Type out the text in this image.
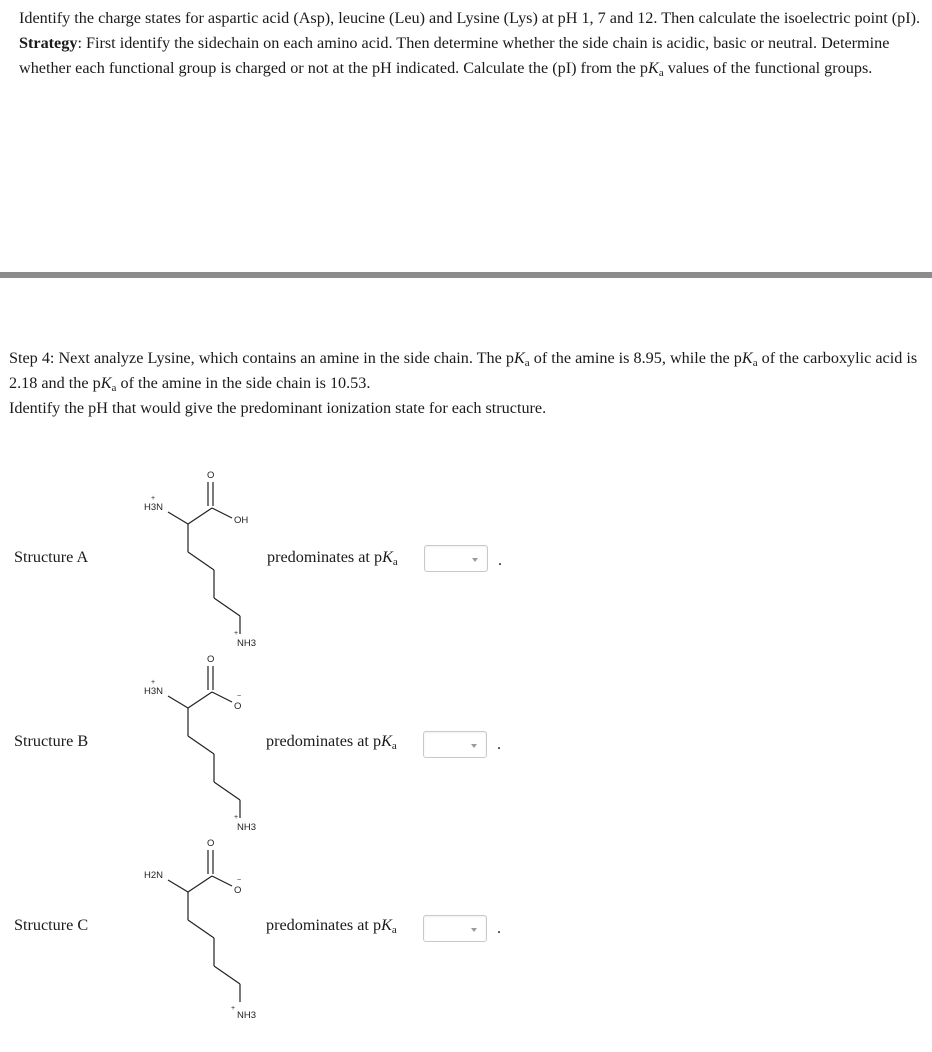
Identify the charge states for aspartic acid (Asp), leucine (Leu) and Lysine (Lys) at pH 1, 7 and 12. Then calculate the isoelectric point (pI).

Strategy: First identify the sidechain on each amino acid. Then determine whether the side chain is acidic, basic or neutral. Determine whether each functional group is charged or not at the pH indicated. Calculate the (pI) from the $pK_a$ values of the functional groups.

Step 4: Next analyze Lysine, which contains an amine in the side chain. The $pK_a$ of the amine is 8.95, while the $pK_a$ of the carboxylic acid is 2.18 and the $pK_a$ of the amine in the side chain is 10.53.

Identify the pH that would give the predominant ionization state for each structure.

Structure A
+
H3N
O
OH
+
NH3
predominates at $pK_a$	.
Structure B
+
H3N
O
−
O
+
NH3
predominates at $pK_a$	.
Structure C
H2N
O
−
O
+
NH3
predominates at $pK_a$	.
